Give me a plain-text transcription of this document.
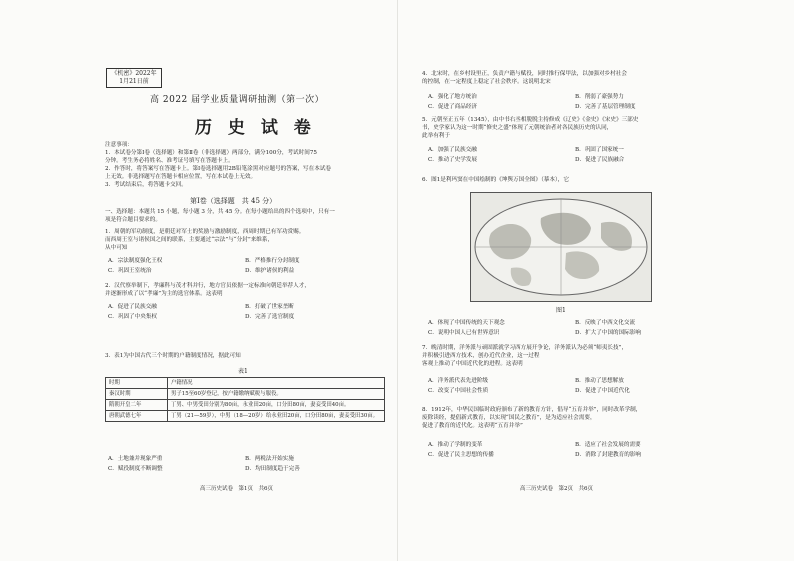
《机密》2022年
1月21日前
高 2022 届学业质量调研抽测（第一次）
历 史 试 卷
注意事项：
1．本试卷分第Ⅰ卷（选择题）和第Ⅱ卷（非选择题）两部分，满分100分，考试时间75
分钟。考生务必将姓名、准考证号填写在答题卡上。
2．作答时，将答案写在答题卡上。第Ⅰ卷选择题用2B铅笔涂黑对应题号的答案，写在本试卷
上无效。非选择题写在答题卡相应位置，写在本试卷上无效。
3．考试结束后，将答题卡交回。
第Ⅰ卷（选择题　共 45 分）
一、选择题：本题共 15 小题，每小题 3 分，共 45 分。在每小题给出的四个选项中，只有一
项是符合题目要求的。
1．周朝的军功制度，是朝廷对军士的奖励与激励制度，西周时期已有军功赏赐。
而西周王室与诸侯国之间的联系，主要通过“宗法”与“分封”来维系，
从中可知
A．宗法制度强化王权	B．严格推行分封制度
C．巩固王室统治	D．维护诸侯的利益
2．汉代察举制下，孝廉科与茂才科并行，地方官员依据一定标准向朝廷举荐人才，
并逐渐形成了以“孝廉”为主的选官体系。这表明
A．促进了民族交融	B．打破了世家垄断
C．巩固了中央集权	D．完善了选官制度
3．表1为中国古代三个时期的户籍制度情况，据此可知
表1
时期	户籍情况
秦汉时期	男子15至60岁登记，按户籍缴纳赋税与服役。
隋朝开皇二年	丁男、中男受田分别为80亩，永业田20亩，口分田80亩，妻妾受田40亩。
唐朝武德七年	丁男（21—59岁），中男（18—20岁）给永业田20亩，口分田80亩，妻妾受田30亩。
A．土地兼并现象严重	B．两税法开始实施
C．赋役制度不断调整	D．均田制度趋于完善
高三历史试卷　第1页　共6页
4．北宋时，在乡村设里正，负责户籍与赋役，同时推行保甲法，以加强对乡村社会
的控制，在一定程度上稳定了社会秩序。这说明北宋
A．强化了地方统治	B．削弱了豪强势力
C．促进了商品经济	D．完善了基层管理制度
5．元朝至正五年（1345），由中书右丞相脱脱主持修成《辽史》《金史》《宋史》三部史
书，史学家认为这一时期“修史之盛”体现了元朝统治者对各民族历史的认同，
此举有利于
A．加强了民族交融	B．巩固了国家统一
C．推动了史学发展	D．促进了民族融合
6．图1是利玛窦在中国绘制的《坤舆万国全图》（摹本），它
图1
A．体现了中国传统的天下观念	B．反映了中西文化交流
C．说明中国人已有世界意识	D．扩大了中国的国际影响
7．晚清时期，洋务派与顽固派就学习西方展开争论，洋务派认为必须“师夷长技”，
并积极引进西方技术，创办近代企业，这一过程
客观上推动了中国近代化的进程。这表明
A．洋务派代表先进阶级	B．推动了思想解放
C．改变了中国社会性质	D．促进了中国近代化
8．1912年，中华民国临时政府颁布了新的教育方针，倡导“五育并举”，同时改革学制，
废除读经，提倡新式教育，以实现“国民之教育”，是为适应社会需要，
促进了教育的近代化。这表明“五育并举”
A．推动了学制的变革	B．适应了社会发展的需要
C．促进了民主思想的传播	D．消除了封建教育的影响
高三历史试卷　第2页　共6页
